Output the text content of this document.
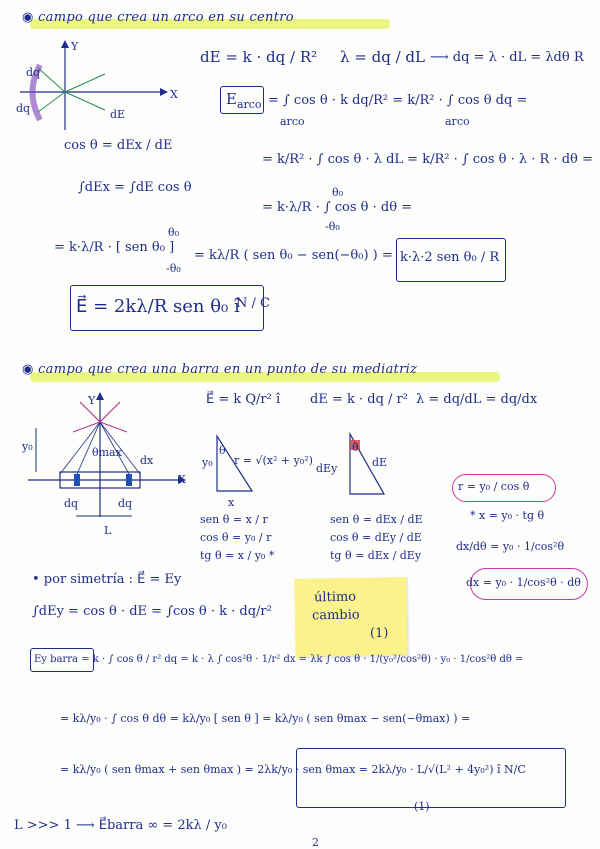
◉ campo que crea un arco en su centro
Y
X
dq
dq	dE
dE = k · dq / R² λ = dq / dL ⟶ dq = λ · dL = λdθ R
$E_{arco}$ = ∫ cos θ · k dq/R² = k/R² · ∫ cos θ dq =
arco	arco
cos θ = dEx / dE
= k/R² · ∫ cos θ · λ dL = k/R² · ∫ cos θ · λ · R · dθ =
∫dEx = ∫dE cos θ
= k·λ/R · ∫ cos θ · dθ =
θ₀
-θ₀
= k·λ/R · [ sen θ₀ ]
θ₀
-θ₀
= kλ/R ( sen θ₀ − sen(−θ₀) ) = k·λ·2 sen θ₀ / R
E⃗ = 2kλ/R sen θ₀ î
N / C
◉ campo que crea una barra en un punto de su mediatriz
E⃗ = k Q/r² î dE = k · dq / r² λ = dq/dL = dq/dx
Y
X
y₀
dq	dq
L
dx
θmax
y₀ r = √(x² + y₀²)
x
θ
dEy	dE
θ
sen θ = x / r
cos θ = y₀ / r
tg θ = x / y₀ *
sen θ = dEx / dE
cos θ = dEy / dE
tg θ = dEx / dEy
r = y₀ / cos θ
* x = y₀ · tg θ
dx/dθ = y₀ · 1/cos²θ
dx = y₀ · 1/cos²θ · dθ
• por simetría : E⃗ = Ey
∫dEy = cos θ · dE = ∫cos θ · k · dq/r²
último
cambio
(1)
Ey barra = k · ∫ cos θ / r² dq = k · λ ∫ cos²θ · 1/r² dx = λk ∫ cos θ · 1/(y₀²/cos²θ) · y₀ · 1/cos²θ dθ =
= kλ/y₀ · ∫ cos θ dθ = kλ/y₀ [ sen θ ] = kλ/y₀ ( sen θmax − sen(−θmax) ) =
= kλ/y₀ ( sen θmax + sen θmax ) = 2λk/y₀ · sen θmax = 2kλ/y₀ · L/√(L² + 4y₀²) î N/C
(1)
L >>> 1 ⟶ E⃗barra ∞ = 2kλ / y₀
2
